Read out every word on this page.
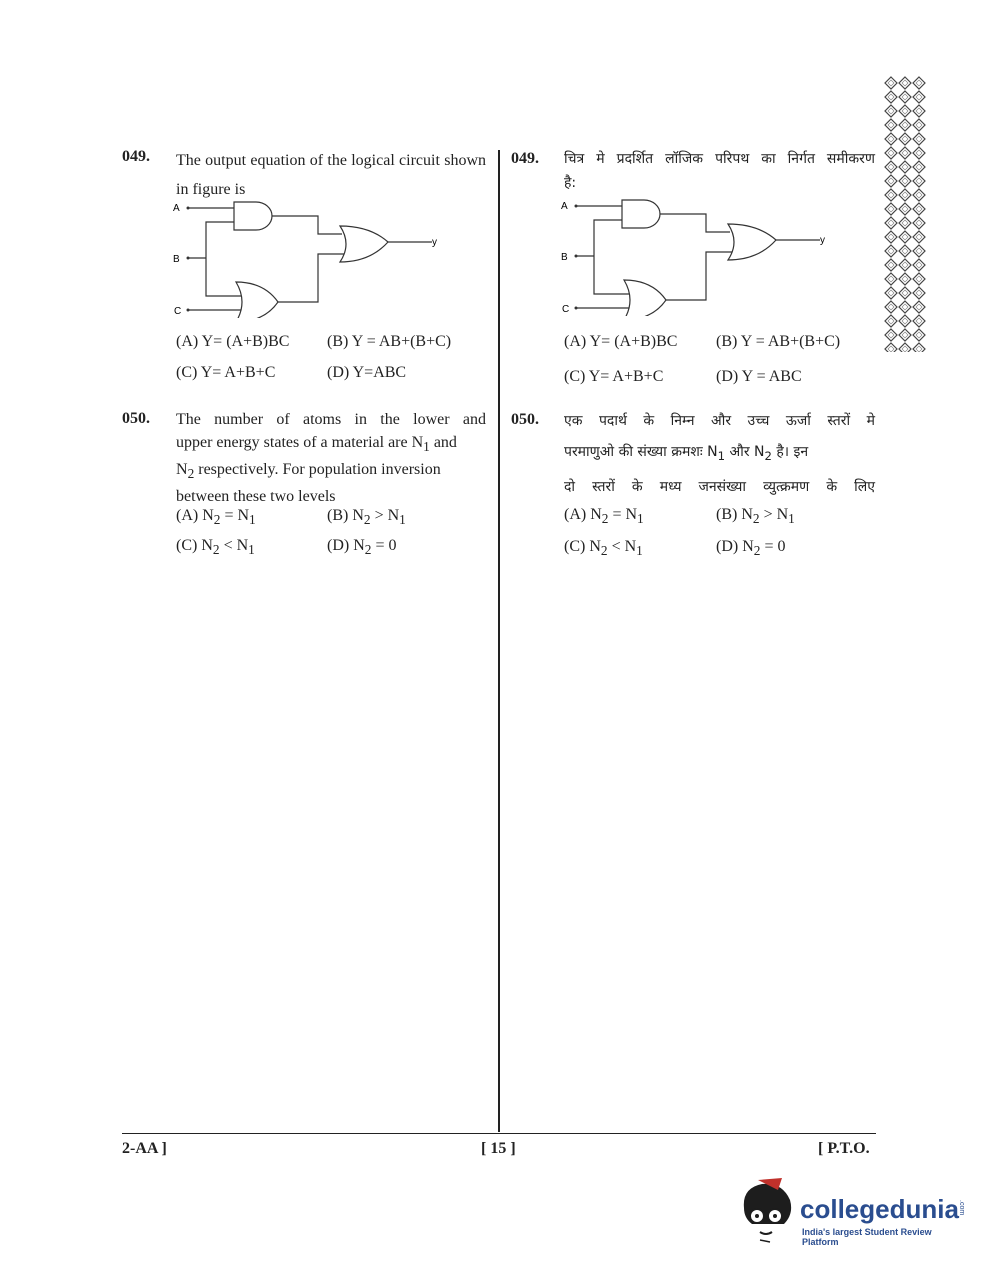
049. The output equation of the logical circuit shown in figure is
A
B
C
y
(A) Y= (A+B)BC (B) Y = AB+(B+C)
(C) Y= A+B+C	(D) Y=ABC
050. The number of atoms in the lower and
upper energy states of a material are $N_1$ and
$N_2$ respectively. For population inversion
between these two levels
(A) $N_2 = N_1$	(B) $N_2 > N_1$
(C) $N_2 < N_1$	(D) $N_2 = 0$
049. चित्र मे प्रदर्शित लॉजिक परिपथ का निर्गत समीकरण
है:
A
B
C
y
(A) Y= (A+B)BC (B) Y = AB+(B+C)
(C) Y= A+B+C	(D) Y = ABC
050. एक पदार्थ के निम्न और उच्च ऊर्जा स्तरों मे
परमाणुओ की संख्या क्रमशः $N_1$ और $N_2$ है। इन
दो स्तरों के मध्य जनसंख्या व्युत्क्रमण के लिए
(A) $N_2 = N_1$	(B) $N_2 > N_1$
(C) $N_2 < N_1$	(D) $N_2 = 0$
2-AA ]	[ 15 ]	[ P.T.O.
collegedunia .com
India's largest Student Review Platform
